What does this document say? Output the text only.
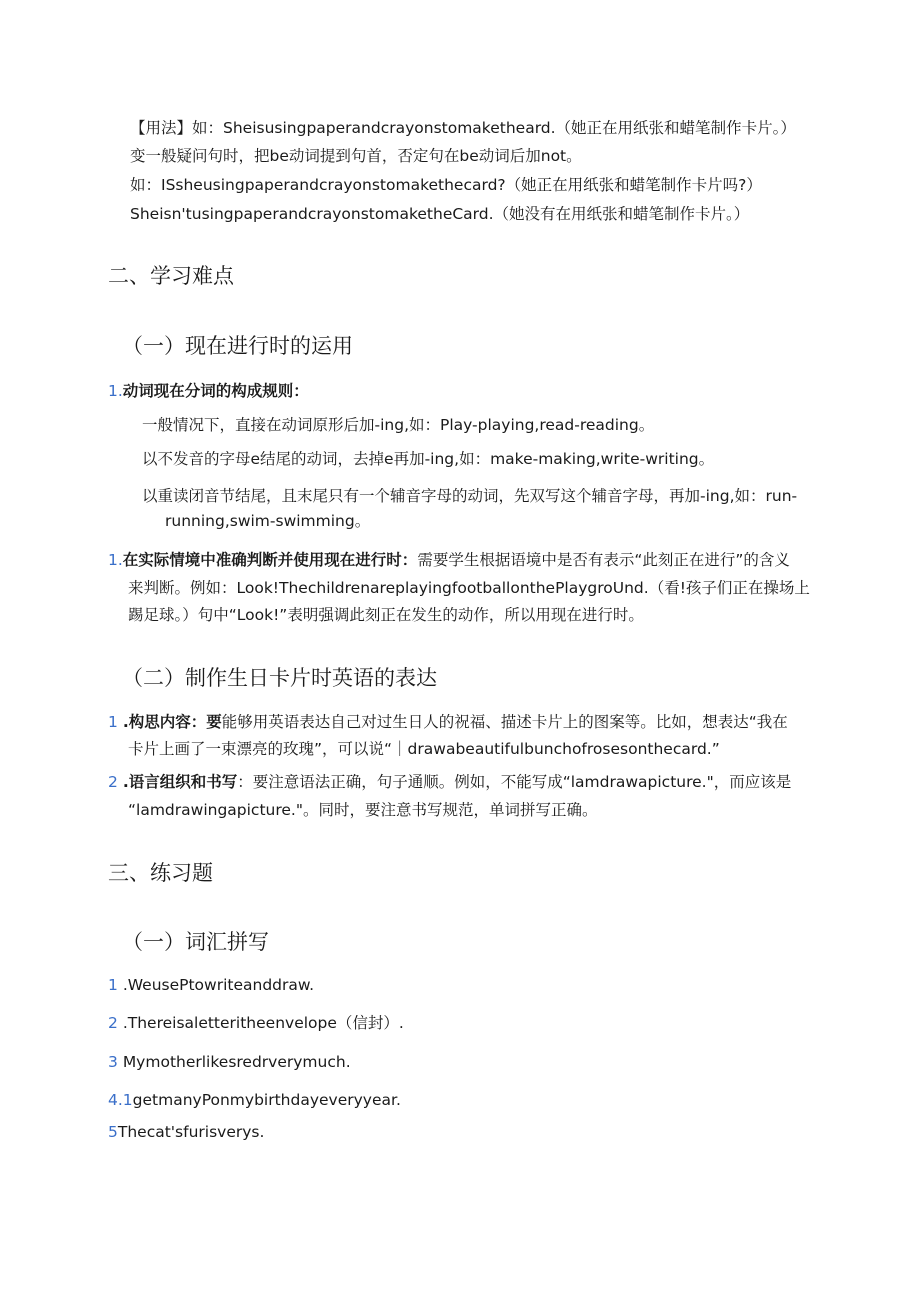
【用法】如：Sheisusingpaperandcrayonstomaketheard.（她正在用纸张和蜡笔制作卡片。）
变一般疑问句时，把be动词提到句首，否定句在be动词后加not。
如：ISsheusingpaperandcrayonstomakethecard?（她正在用纸张和蜡笔制作卡片吗?）
Sheisn'tusingpaperandcrayonstomaketheCard.（她没有在用纸张和蜡笔制作卡片。）
二、学习难点
（一）现在进行时的运用
1.动词现在分词的构成规则：
一般情况下，直接在动词原形后加-ing,如：Play-playing,read-reading。
以不发音的字母e结尾的动词，去掉e再加-ing,如：make-making,write-writing。
以重读闭音节结尾，且末尾只有一个辅音字母的动词，先双写这个辅音字母，再加-ing,如：run-
running,swim-swimming。
1.在实际情境中准确判断并使用现在进行时：需要学生根据语境中是否有表示“此刻正在进行”的含义
来判断。例如：Look!ThechildrenareplayingfootballonthePlaygroUnd.（看!孩子们正在操场上
踢足球。）句中“Look!”表明强调此刻正在发生的动作，所以用现在进行时。
（二）制作生日卡片时英语的表达
1 .构思内容：要能够用英语表达自己对过生日人的祝福、描述卡片上的图案等。比如，想表达“我在
卡片上画了一束漂亮的玫瑰”，可以说“｜drawabeautifulbunchofrosesonthecard.”
2 .语言组织和书写：要注意语法正确，句子通顺。例如，不能写成“lamdrawapicture."，而应该是
“lamdrawingapicture."。同时，要注意书写规范，单词拼写正确。
三、练习题
（一）词汇拼写
1 .WeusePtowriteanddraw.
2 .Thereisaletteritheenvelope（信封）.
3 Mymotherlikesredrverymuch.
4.1getmanyPonmybirthdayeveryyear.
5Thecat'sfurisverys.
